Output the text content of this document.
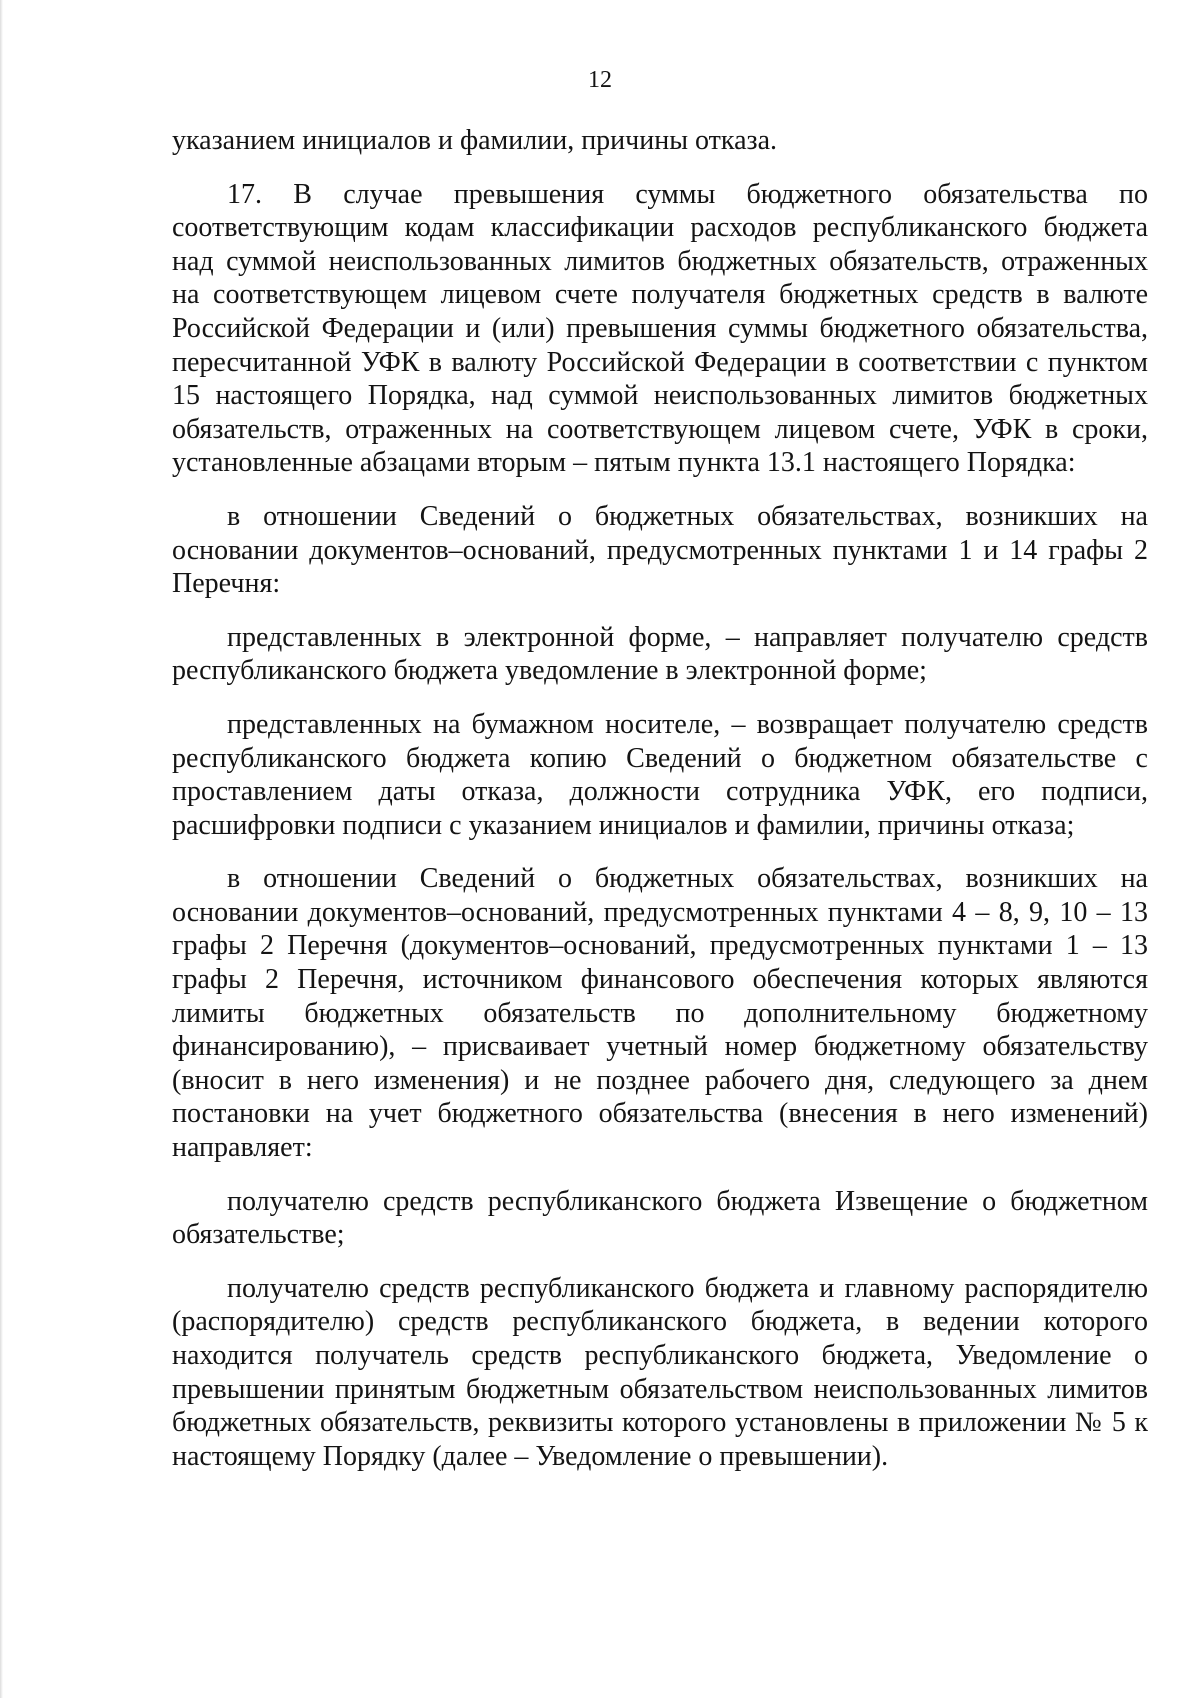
12

указанием инициалов и фамилии, причины отказа.

17. В случае превышения суммы бюджетного обязательства по соответствующим кодам классификации расходов республиканского бюджета над суммой неиспользованных лимитов бюджетных обязательств, отраженных на соответствующем лицевом счете получателя бюджетных средств в валюте Российской Федерации и (или) превышения суммы бюджетного обязательства, пересчитанной УФК в валюту Российской Федерации в соответствии с пунктом 15 настоящего Порядка, над суммой неиспользованных лимитов бюджетных обязательств, отраженных на соответствующем лицевом счете, УФК в сроки, установленные абзацами вторым – пятым пункта 13.1 настоящего Порядка:

в отношении Сведений о бюджетных обязательствах, возникших на основании документов–оснований, предусмотренных пунктами 1 и 14 графы 2 Перечня:

представленных в электронной форме, – направляет получателю средств республиканского бюджета уведомление в электронной форме;

представленных на бумажном носителе, – возвращает получателю средств республиканского бюджета копию Сведений о бюджетном обязательстве с проставлением даты отказа, должности сотрудника УФК, его подписи, расшифровки подписи с указанием инициалов и фамилии, причины отказа;

в отношении Сведений о бюджетных обязательствах, возникших на основании документов–оснований, предусмотренных пунктами 4 – 8, 9, 10 – 13 графы 2 Перечня (документов–оснований, предусмотренных пунктами 1 – 13 графы 2 Перечня, источником финансового обеспечения которых являются лимиты бюджетных обязательств по дополнительному бюджетному финансированию), – присваивает учетный номер бюджетному обязательству (вносит в него изменения) и не позднее рабочего дня, следующего за днем постановки на учет бюджетного обязательства (внесения в него изменений) направляет:

получателю средств республиканского бюджета Извещение о бюджетном обязательстве;

получателю средств республиканского бюджета и главному распорядителю (распорядителю) средств республиканского бюджета, в ведении которого находится получатель средств республиканского бюджета, Уведомление о превышении принятым бюджетным обязательством неиспользованных лимитов бюджетных обязательств, реквизиты которого установлены в приложении № 5 к настоящему Порядку (далее – Уведомление о превышении).
